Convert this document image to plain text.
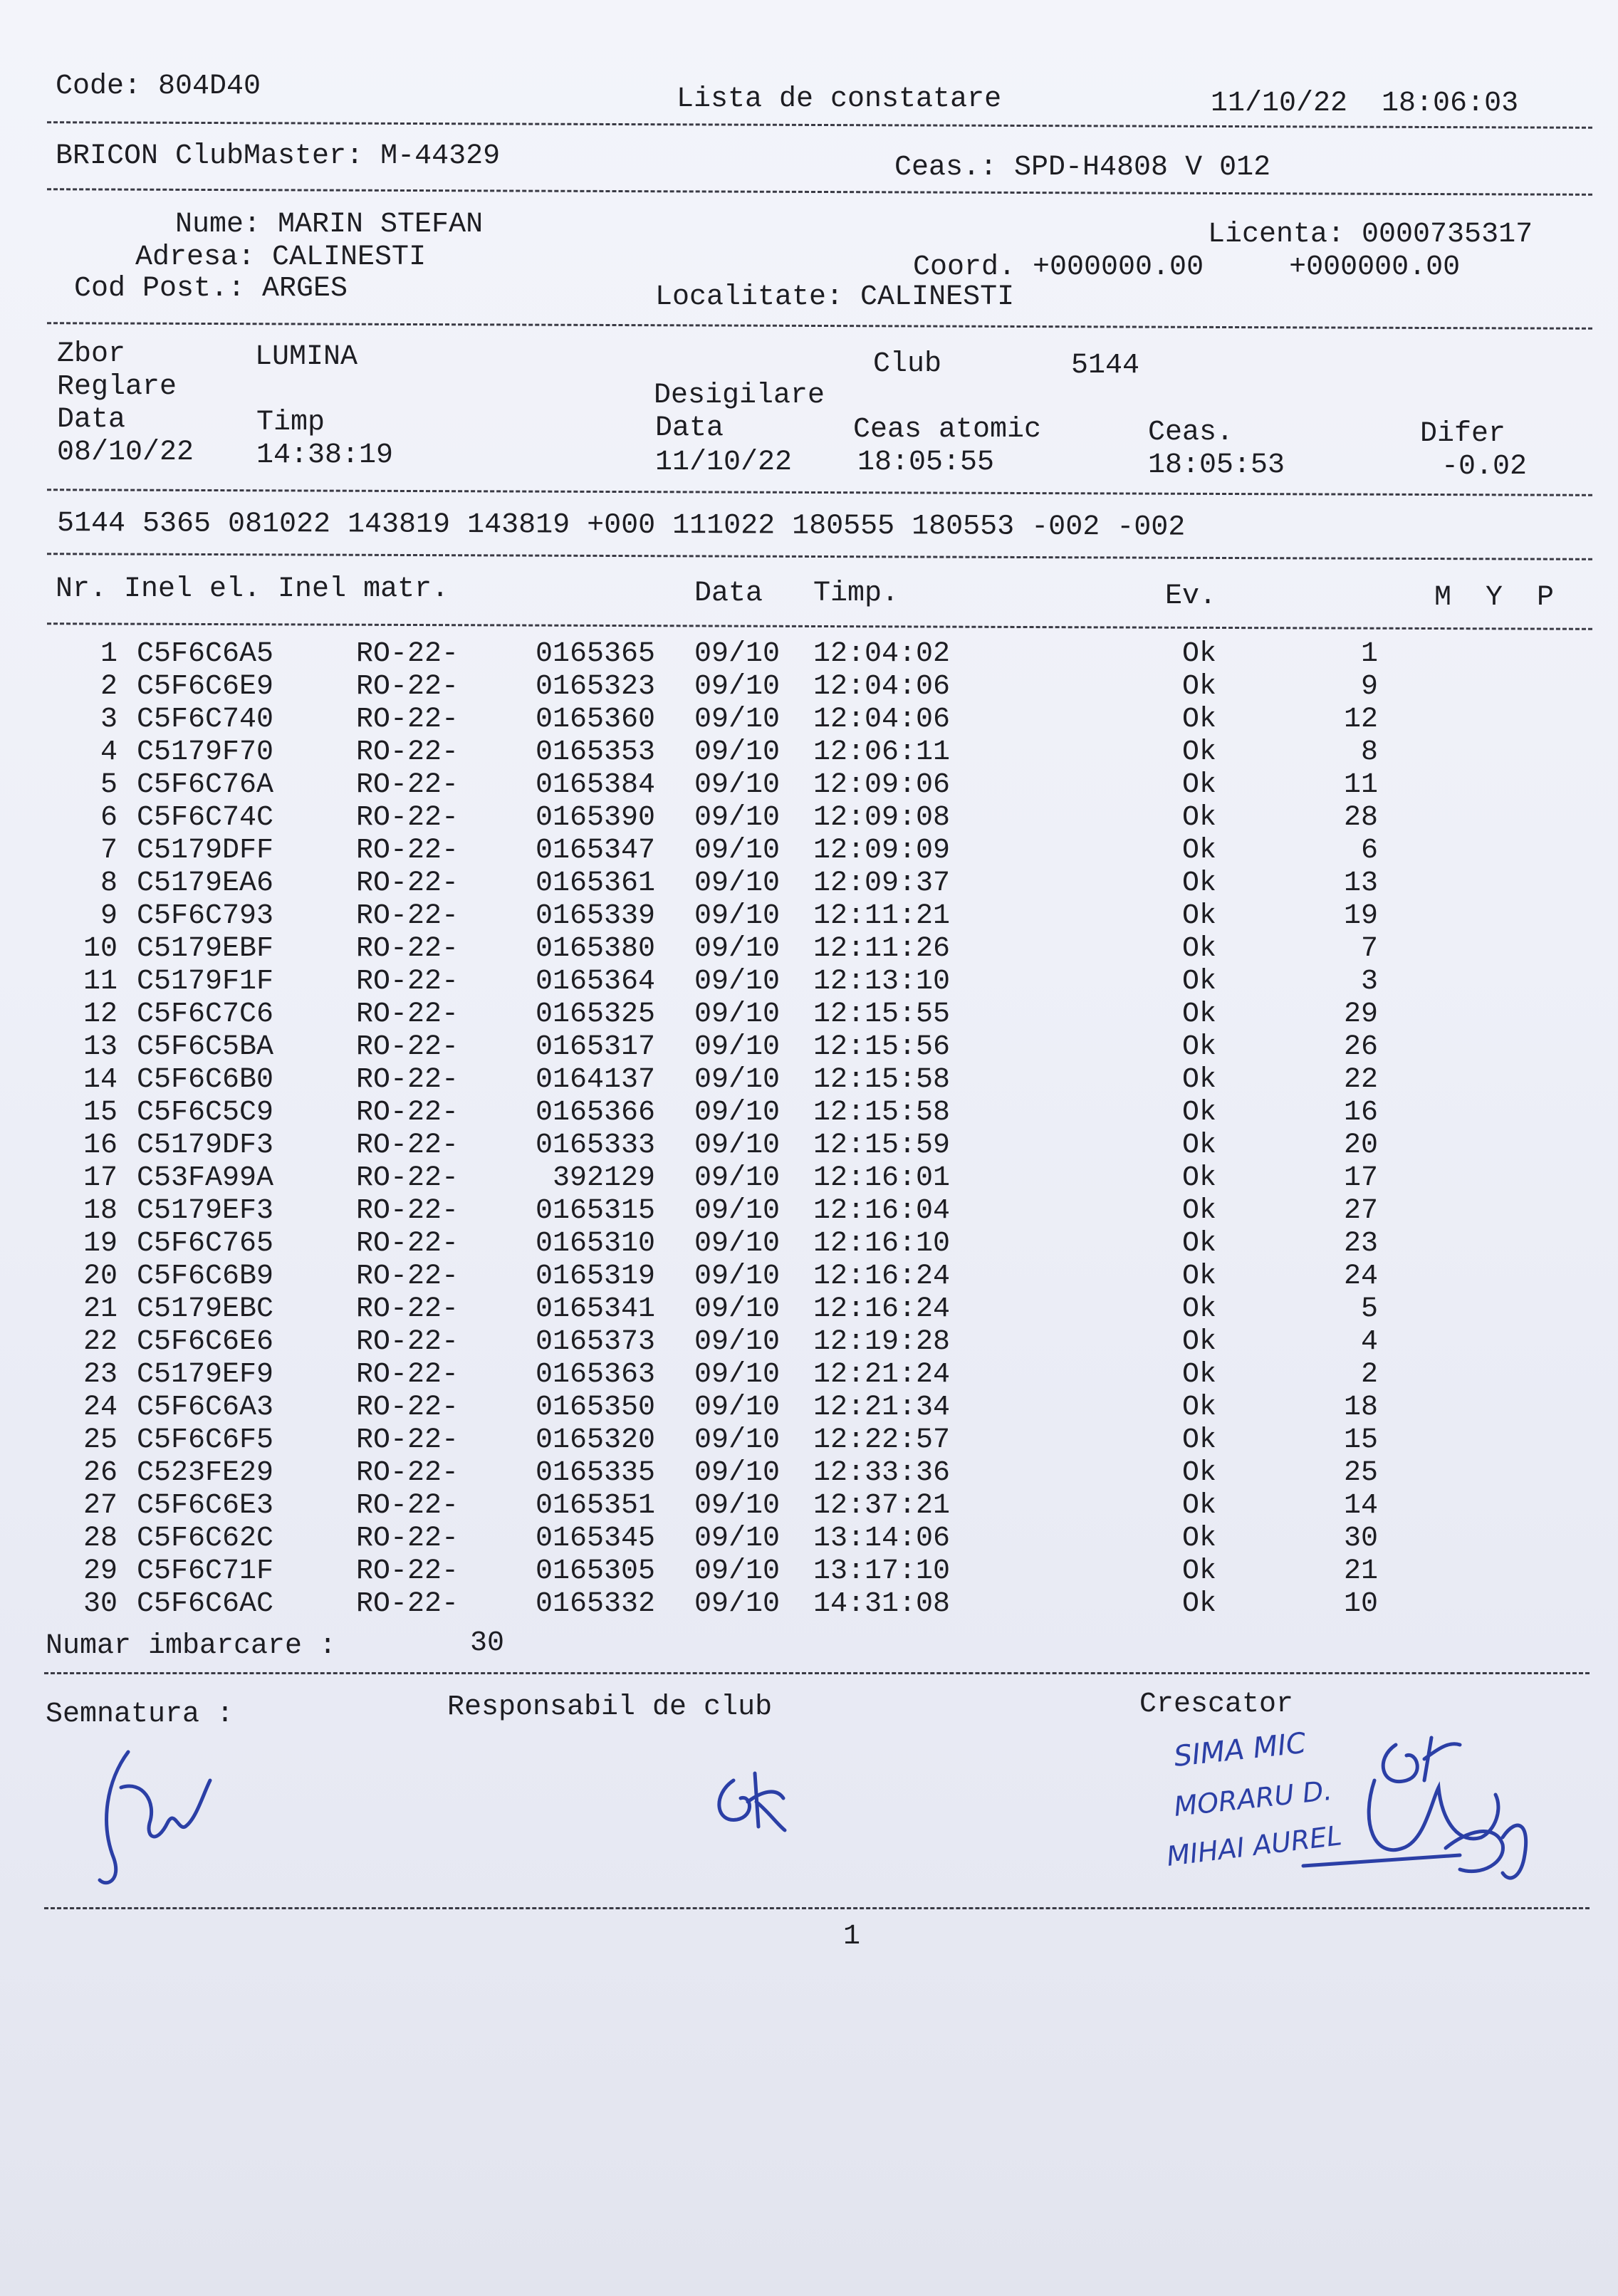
Code: 804D40	Lista de constatare	11/10/22  18:06:03
BRICON ClubMaster: M-44329	Ceas.: SPD-H4808 V 012
Nume: MARIN STEFAN	Licenta: 0000735317
Adresa: CALINESTI	Coord. +000000.00     +000000.00
Cod Post.: ARGES	Localitate: CALINESTI
Zbor	LUMINA	Club	5144
Reglare	Desigilare
Data	Timp	Data	Ceas atomic	Ceas.	Difer
08/10/22 14:38:19	11/10/22 18:05:55	18:05:53	-0.02
5144 5365 081022 143819 143819 +000 111022 180555 180553 -002 -002
Nr. Inel el. Inel matr.	Data Timp.	Ev.	M  Y  P
1 C5F6C6A5	RO-22-	0165365 09/10 12:04:02	Ok	1
2 C5F6C6E9	RO-22-	0165323 09/10 12:04:06	Ok	9
3 C5F6C740	RO-22-	0165360 09/10 12:04:06	Ok	12
4 C5179F70	RO-22-	0165353 09/10 12:06:11	Ok	8
5 C5F6C76A	RO-22-	0165384 09/10 12:09:06	Ok	11
6 C5F6C74C	RO-22-	0165390 09/10 12:09:08	Ok	28
7 C5179DFF	RO-22-	0165347 09/10 12:09:09	Ok	6
8 C5179EA6	RO-22-	0165361 09/10 12:09:37	Ok	13
9 C5F6C793	RO-22-	0165339 09/10 12:11:21	Ok	19
10 C5179EBF	RO-22-	0165380 09/10 12:11:26	Ok	7
11 C5179F1F	RO-22-	0165364 09/10 12:13:10	Ok	3
12 C5F6C7C6	RO-22-	0165325 09/10 12:15:55	Ok	29
13 C5F6C5BA	RO-22-	0165317 09/10 12:15:56	Ok	26
14 C5F6C6B0	RO-22-	0164137 09/10 12:15:58	Ok	22
15 C5F6C5C9	RO-22-	0165366 09/10 12:15:58	Ok	16
16 C5179DF3	RO-22-	0165333 09/10 12:15:59	Ok	20
17 C53FA99A	RO-22-	392129 09/10 12:16:01	Ok	17
18 C5179EF3	RO-22-	0165315 09/10 12:16:04	Ok	27
19 C5F6C765	RO-22-	0165310 09/10 12:16:10	Ok	23
20 C5F6C6B9	RO-22-	0165319 09/10 12:16:24	Ok	24
21 C5179EBC	RO-22-	0165341 09/10 12:16:24	Ok	5
22 C5F6C6E6	RO-22-	0165373 09/10 12:19:28	Ok	4
23 C5179EF9	RO-22-	0165363 09/10 12:21:24	Ok	2
24 C5F6C6A3	RO-22-	0165350 09/10 12:21:34	Ok	18
25 C5F6C6F5	RO-22-	0165320 09/10 12:22:57	Ok	15
26 C523FE29	RO-22-	0165335 09/10 12:33:36	Ok	25
27 C5F6C6E3	RO-22-	0165351 09/10 12:37:21	Ok	14
28 C5F6C62C	RO-22-	0165345 09/10 13:14:06	Ok	30
29 C5F6C71F	RO-22-	0165305 09/10 13:17:10	Ok	21
30 C5F6C6AC	RO-22-	0165332 09/10 14:31:08	Ok	10
Numar imbarcare :	30
Semnatura :	Responsabil de club	Crescator
SIMA MIC
MORARU D.
MIHAI AUREL
1
